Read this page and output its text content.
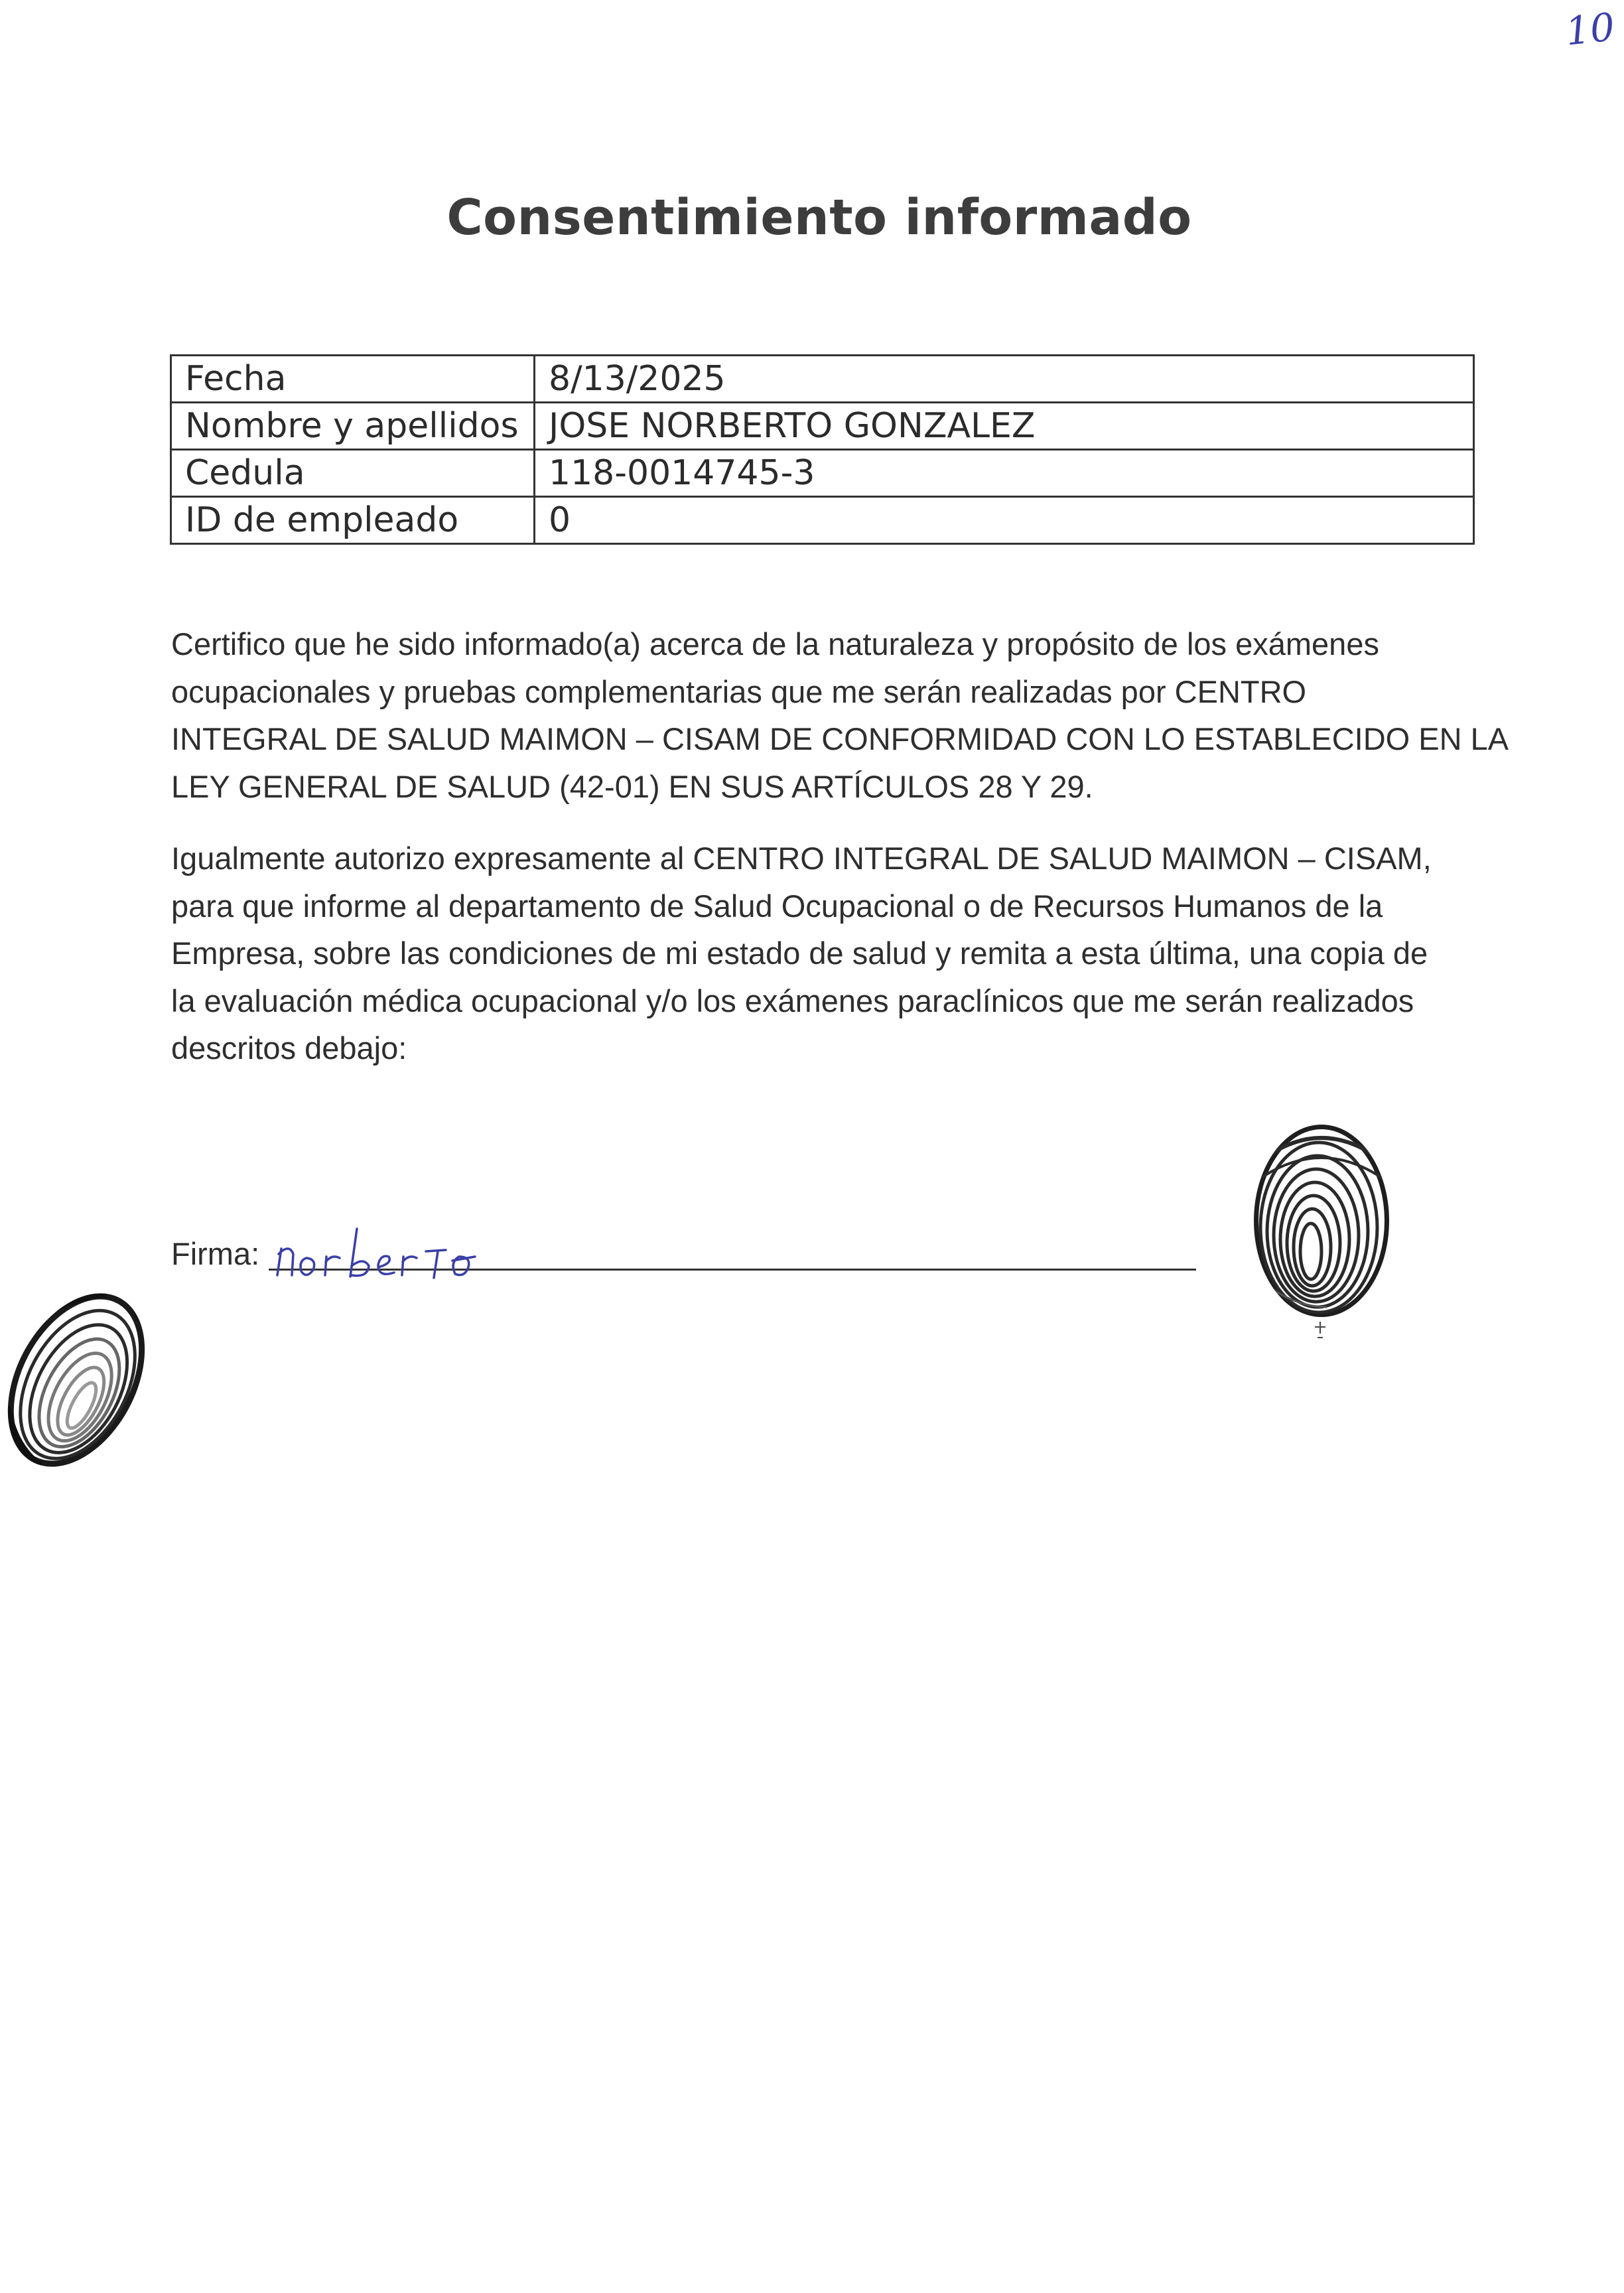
10
Consentimiento informado
Fecha	8/13/2025
Nombre y apellidos	JOSE NORBERTO GONZALEZ
Cedula	118-0014745-3
ID de empleado	0

Certifico que he sido informado(a) acerca de la naturaleza y propósito de los exámenes
ocupacionales y pruebas complementarias que me serán realizadas por CENTRO
INTEGRAL DE SALUD MAIMON – CISAM DE CONFORMIDAD CON LO ESTABLECIDO EN LA
LEY GENERAL DE SALUD (42-01) EN SUS ARTÍCULOS 28 Y 29.

Igualmente autorizo expresamente al CENTRO INTEGRAL DE SALUD MAIMON – CISAM,
para que informe al departamento de Salud Ocupacional o de Recursos Humanos de la
Empresa, sobre las condiciones de mi estado de salud y remita a esta última, una copia de
la evaluación médica ocupacional y/o los exámenes paraclínicos que me serán realizados
descritos debajo:

Firma:
